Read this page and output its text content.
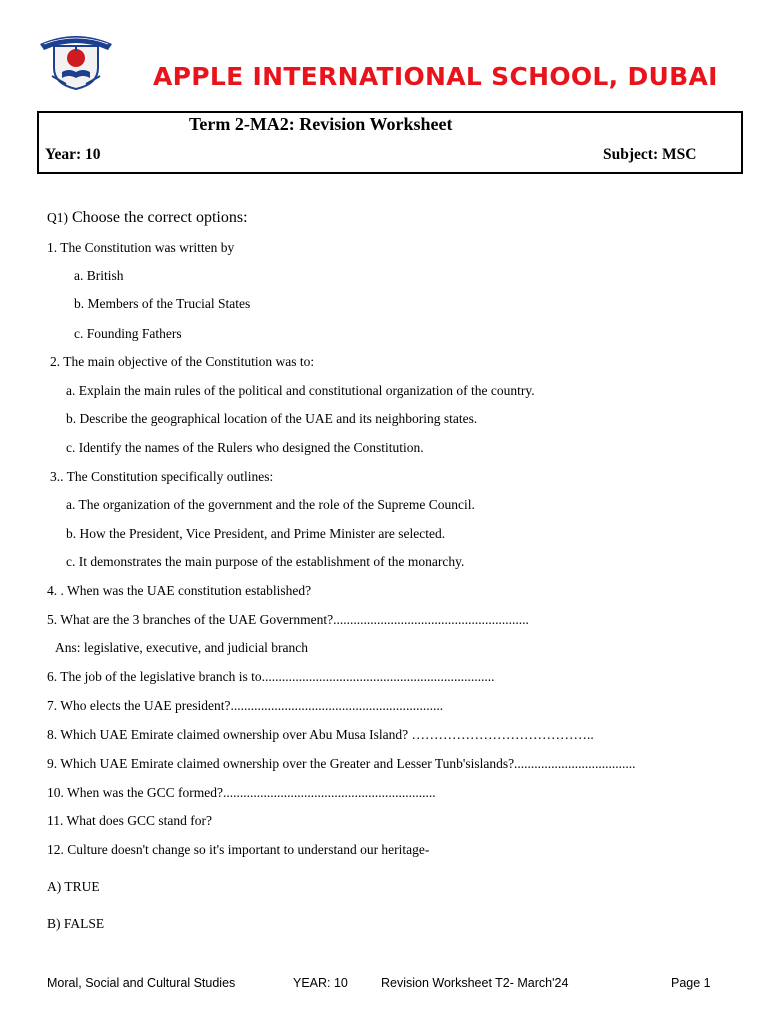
APPLE INTERNATIONAL SCHOOL, DUBAI
Term 2-MA2: Revision Worksheet
Year: 10	Subject: MSC
Q1) Choose the correct options:
1. The Constitution was written by
a. British
b. Members of the Trucial States
c. Founding Fathers
2. The main objective of the Constitution was to:
a. Explain the main rules of the political and constitutional organization of the country.
b. Describe the geographical location of the UAE and its neighboring states.
c. Identify the names of the Rulers who designed the Constitution.
3.. The Constitution specifically outlines:
a. The organization of the government and the role of the Supreme Council.
b. How the President, Vice President, and Prime Minister are selected.
c. It demonstrates the main purpose of the establishment of the monarchy.
4. . When was the UAE constitution established?
5. What are the 3 branches of the UAE Government?..........................................................
Ans: legislative, executive, and judicial branch
6. The job of the legislative branch is to.....................................................................
7. Who elects the UAE president?...............................................................
8. Which UAE Emirate claimed ownership over Abu Musa Island? …………………………………..
9. Which UAE Emirate claimed ownership over the Greater and Lesser Tunb'sislands?....................................
10. When was the GCC formed?...............................................................
11. What does GCC stand for?
12. Culture doesn't change so it's important to understand our heritage-
A) TRUE
B) FALSE
Moral, Social and Cultural Studies	YEAR: 10	Revision Worksheet T2- March'24	Page 1
